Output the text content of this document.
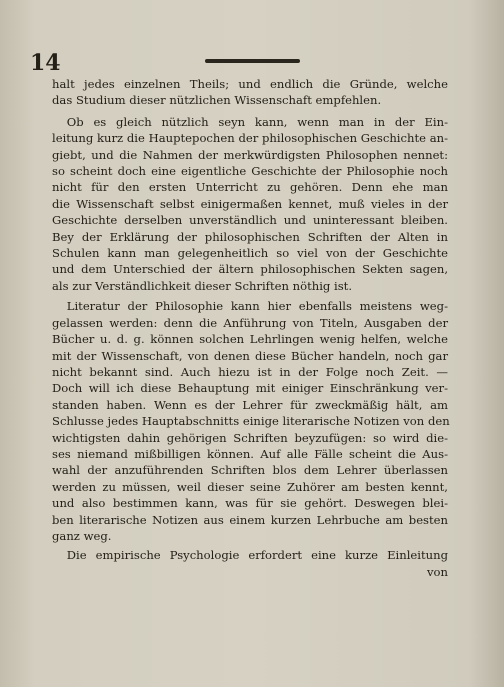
14

halt jedes einzelnen Theils; und endlich die Gründe, welche
das Studium dieser nützlichen Wissenschaft empfehlen.

Ob es gleich nützlich seyn kann, wenn man in der Ein-
leitung kurz die Hauptepochen der philosophischen Geschichte an-
giebt, und die Nahmen der merkwürdigsten Philosophen nennet:
so scheint doch eine eigentliche Geschichte der Philosophie noch
nicht für den ersten Unterricht zu gehören. Denn ehe man
die Wissenschaft selbst einigermaßen kennet, muß vieles in der
Geschichte derselben unverständlich und uninteressant bleiben.
Bey der Erklärung der philosophischen Schriften der Alten in
Schulen kann man gelegenheitlich so viel von der Geschichte
und dem Unterschied der ältern philosophischen Sekten sagen,
als zur Verständlichkeit dieser Schriften nöthig ist.

Literatur der Philosophie kann hier ebenfalls meistens weg-
gelassen werden: denn die Anführung von Titeln, Ausgaben der
Bücher u. d. g. können solchen Lehrlingen wenig helfen, welche
mit der Wissenschaft, von denen diese Bücher handeln, noch gar
nicht bekannt sind. Auch hiezu ist in der Folge noch Zeit. —
Doch will ich diese Behauptung mit einiger Einschränkung ver-
standen haben. Wenn es der Lehrer für zweckmäßig hält, am
Schlusse jedes Hauptabschnitts einige literarische Notizen von den
wichtigsten dahin gehörigen Schriften beyzufügen: so wird die-
ses niemand mißbilligen können. Auf alle Fälle scheint die Aus-
wahl der anzuführenden Schriften blos dem Lehrer überlassen
werden zu müssen, weil dieser seine Zuhörer am besten kennt,
und also bestimmen kann, was für sie gehört. Deswegen blei-
ben literarische Notizen aus einem kurzen Lehrbuche am besten
ganz weg.

Die empirische Psychologie erfordert eine kurze Einleitung
von
